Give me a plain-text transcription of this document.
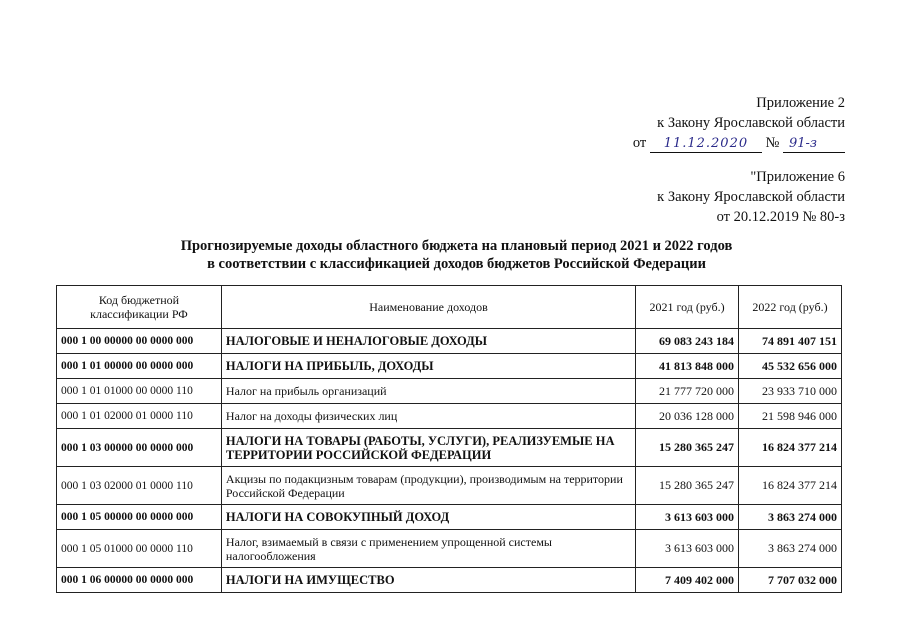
Приложение 2
к Закону Ярославской области
от 11.12.2020 № 91-з
"Приложение 6
к Закону Ярославской области
от 20.12.2019 № 80-з
Прогнозируемые доходы областного бюджета на плановый период 2021 и 2022 годов
в соответствии с классификацией доходов бюджетов Российской Федерации
Код бюджетной классификации РФ	Наименование доходов	2021 год (руб.)	2022 год (руб.)
000 1 00 00000 00 0000 000	НАЛОГОВЫЕ И НЕНАЛОГОВЫЕ ДОХОДЫ	69 083 243 184	74 891 407 151
000 1 01 00000 00 0000 000	НАЛОГИ НА ПРИБЫЛЬ, ДОХОДЫ	41 813 848 000	45 532 656 000
000 1 01 01000 00 0000 110	Налог на прибыль организаций	21 777 720 000	23 933 710 000
000 1 01 02000 01 0000 110	Налог на доходы физических лиц	20 036 128 000	21 598 946 000
000 1 03 00000 00 0000 000	НАЛОГИ НА ТОВАРЫ (РАБОТЫ, УСЛУГИ), РЕАЛИЗУЕМЫЕ НА ТЕРРИТОРИИ РОССИЙСКОЙ ФЕДЕРАЦИИ	15 280 365 247	16 824 377 214
000 1 03 02000 01 0000 110	Акцизы по подакцизным товарам (продукции), производимым на территории Российской Федерации	15 280 365 247	16 824 377 214
000 1 05 00000 00 0000 000	НАЛОГИ НА СОВОКУПНЫЙ ДОХОД	3 613 603 000	3 863 274 000
000 1 05 01000 00 0000 110	Налог, взимаемый в связи с применением упрощенной системы налогообложения	3 613 603 000	3 863 274 000
000 1 06 00000 00 0000 000	НАЛОГИ НА ИМУЩЕСТВО	7 409 402 000	7 707 032 000
